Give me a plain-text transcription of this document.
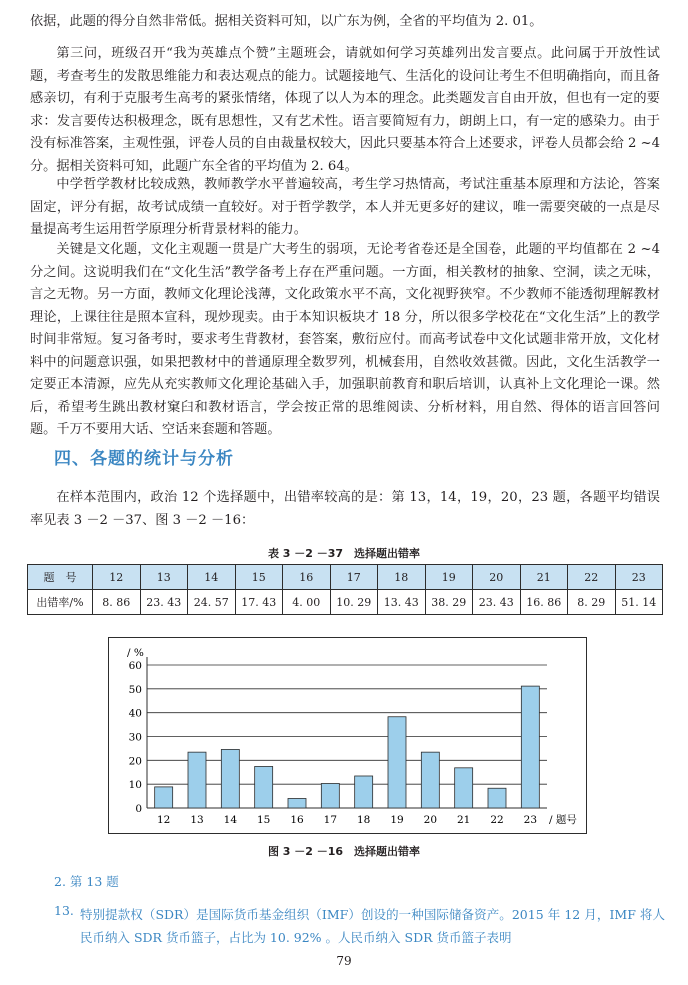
依据，此题的得分自然非常低。据相关资料可知，以广东为例，全省的平均值为 2. 01。

第三问，班级召开“我为英雄点个赞”主题班会，请就如何学习英雄列出发言要点。此问属于开放性试题，考查考生的发散思维能力和表达观点的能力。试题接地气、生活化的设问让考生不但明确指向，而且备感亲切，有利于克服考生高考的紧张情绪，体现了以人为本的理念。此类题发言自由开放，但也有一定的要求：发言要传达积极理念，既有思想性，又有艺术性。语言要简短有力，朗朗上口，有一定的感染力。由于没有标准答案，主观性强，评卷人员的自由裁量权较大，因此只要基本符合上述要求，评卷人员都会给 2 ~4 分。据相关资料可知，此题广东全省的平均值为 2. 64。

中学哲学教材比较成熟，教师教学水平普遍较高，考生学习热情高，考试注重基本原理和方法论，答案固定，评分有据，故考试成绩一直较好。对于哲学教学，本人并无更多好的建议，唯一需要突破的一点是尽量提高考生运用哲学原理分析背景材料的能力。

关键是文化题，文化主观题一贯是广大考生的弱项，无论考省卷还是全国卷，此题的平均值都在 2 ~4 分之间。这说明我们在“文化生活”教学备考上存在严重问题。一方面，相关教材的抽象、空洞，读之无味，言之无物。另一方面，教师文化理论浅薄，文化政策水平不高，文化视野狭窄。不少教师不能透彻理解教材理论，上课往往是照本宣科，现炒现卖。由于本知识板块才 18 分，所以很多学校花在“文化生活”上的教学时间非常短。复习备考时，要求考生背教材，套答案，敷衍应付。而高考试卷中文化试题非常开放，文化材料中的问题意识强，如果把教材中的普通原理全数罗列，机械套用，自然收效甚微。因此，文化生活教学一定要正本清源，应先从充实教师文化理论基础入手，加强职前教育和职后培训，认真补上文化理论一课。然后，希望考生跳出教材窠臼和教材语言，学会按正常的思维阅读、分析材料，用自然、得体的语言回答问题。千万不要用大话、空话来套题和答题。

四、各题的统计与分析

在样本范围内，政治 12 个选择题中，出错率较高的是：第 13，14，19，20，23 题，各题平均错误率见表 3 －2 －37、图 3 －2 －16：

表 3 －2 －37　选择题出错率
题　号	12	13	14	15	16	17	18	19	20	21	22	23
出错率/%	8. 86	23. 43	24. 57	17. 43	4. 00	10. 29	13. 43	38. 29	23. 43	16. 86	8. 29	51. 14
/ %
0
10
20
30
40
50
60
12 13 14 15 16 17 18 19 20 21 22 23 / 题号
图 3 －2 －16　选择题出错率
2. 第 13 题
13. 特别提款权（SDR）是国际货币基金组织（IMF）创设的一种国际储备资产。2015 年 12 月，IMF 将人民币纳入 SDR 货币篮子，占比为 10. 92% 。人民币纳入 SDR 货币篮子表明
79
